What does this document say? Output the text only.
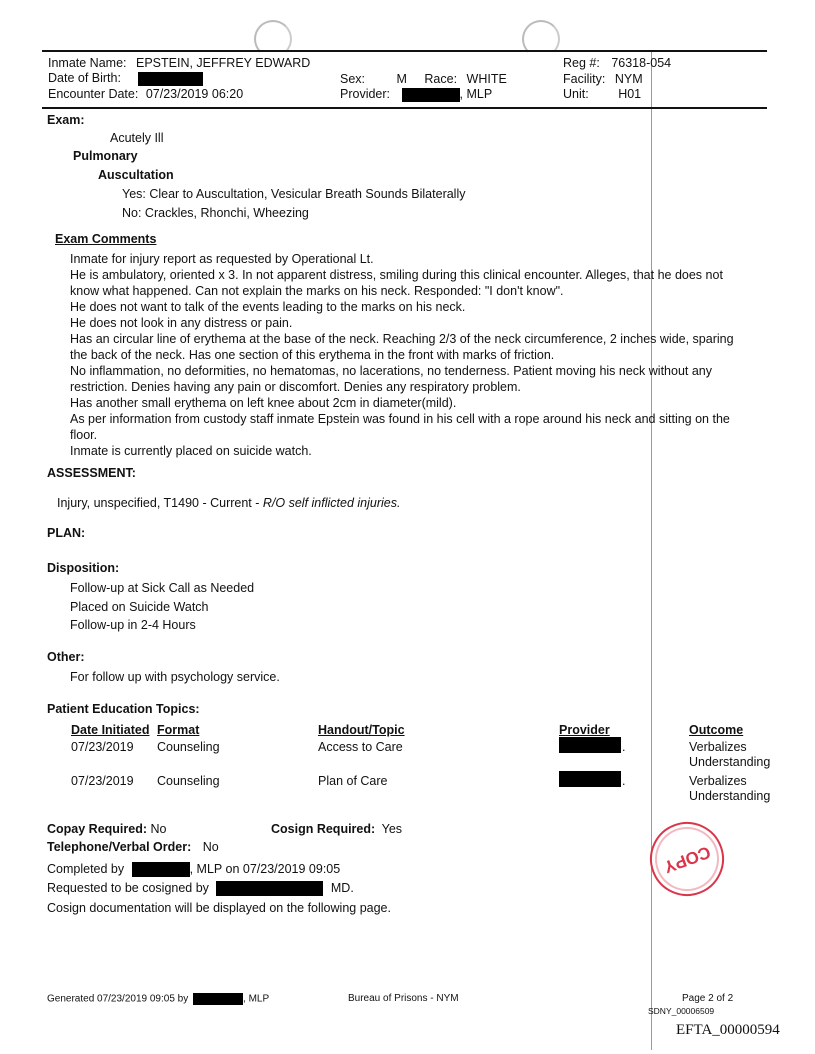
Inmate Name: EPSTEIN, JEFFREY EDWARD
Date of Birth:
Encounter Date: 07/23/2019 06:20
Sex:	M Race: WHITE
Provider:	, MLP
Reg #: 76318-054
Facility: NYM
Unit: H01
Exam:
Acutely Ill
Pulmonary
Auscultation
Yes: Clear to Auscultation, Vesicular Breath Sounds Bilaterally
No: Crackles, Rhonchi, Wheezing
Exam Comments
Inmate for injury report as requested by Operational Lt.
He is ambulatory, oriented x 3. In not apparent distress, smiling during this clinical encounter. Alleges, that he does not
know what happened. Can not explain the marks on his neck. Responded: "I don't know".
He does not want to talk of the events leading to the marks on his neck.
He does not look in any distress or pain.
Has an circular line of erythema at the base of the neck. Reaching 2/3 of the neck circumference, 2 inches wide, sparing
the back of the neck. Has one section of this erythema in the front with marks of friction.
No inflammation, no deformities, no hematomas, no lacerations, no tenderness. Patient moving his neck without any
restriction. Denies having any pain or discomfort. Denies any respiratory problem.
Has another small erythema on left knee about 2cm in diameter(mild).
As per information from custody staff inmate Epstein was found in his cell with a rope around his neck and sitting on the
floor.
Inmate is currently placed on suicide watch.
ASSESSMENT:
Injury, unspecified, T1490 - Current - R/O self inflicted injuries.
PLAN:
Disposition:
Follow-up at Sick Call as Needed
Placed on Suicide Watch
Follow-up in 2-4 Hours
Other:
For follow up with psychology service.
Patient Education Topics:
Date Initiated Format	Handout/Topic	Provider	Outcome
07/23/2019 Counseling	Access to Care	.	Verbalizes
Understanding
07/23/2019 Counseling	Plan of Care	.	Verbalizes
Understanding
Copay Required: No	Cosign Required: Yes
Telephone/Verbal Order: No
Completed by	, MLP on 07/23/2019 09:05
Requested to be cosigned by	MD.
Cosign documentation will be displayed on the following page.
COPY
Generated 07/23/2019 09:05 by	, MLP	Bureau of Prisons - NYM	Page 2 of 2
SDNY_00006509
EFTA_00000594
